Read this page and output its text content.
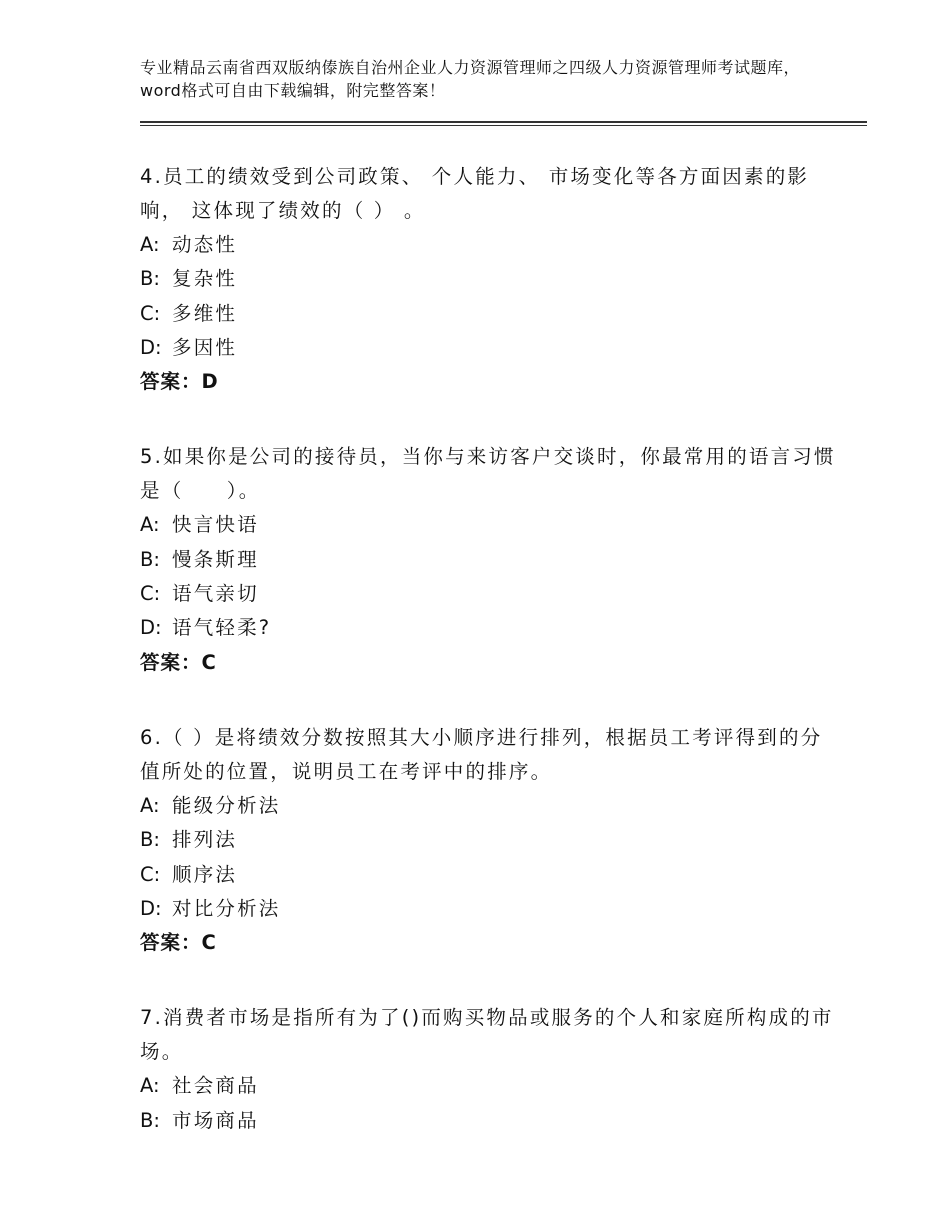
专业精品云南省西双版纳傣族自治州企业人力资源管理师之四级人力资源管理师考试题库，word格式可自由下载编辑，附完整答案！

4.员工的绩效受到公司政策、 个人能力、 市场变化等各方面因素的影响， 这体现了绩效的（ ） 。

A: 动态性

B: 复杂性

C: 多维性

D: 多因性

答案：D

5.如果你是公司的接待员，当你与来访客户交谈时，你最常用的语言习惯是（　　）。

A: 快言快语

B: 慢条斯理

C: 语气亲切

D: 语气轻柔?

答案：C

6.（ ）是将绩效分数按照其大小顺序进行排列，根据员工考评得到的分值所处的位置，说明员工在考评中的排序。

A: 能级分析法

B: 排列法

C: 顺序法

D: 对比分析法

答案：C

7.消费者市场是指所有为了()而购买物品或服务的个人和家庭所构成的市场。

A: 社会商品

B: 市场商品
